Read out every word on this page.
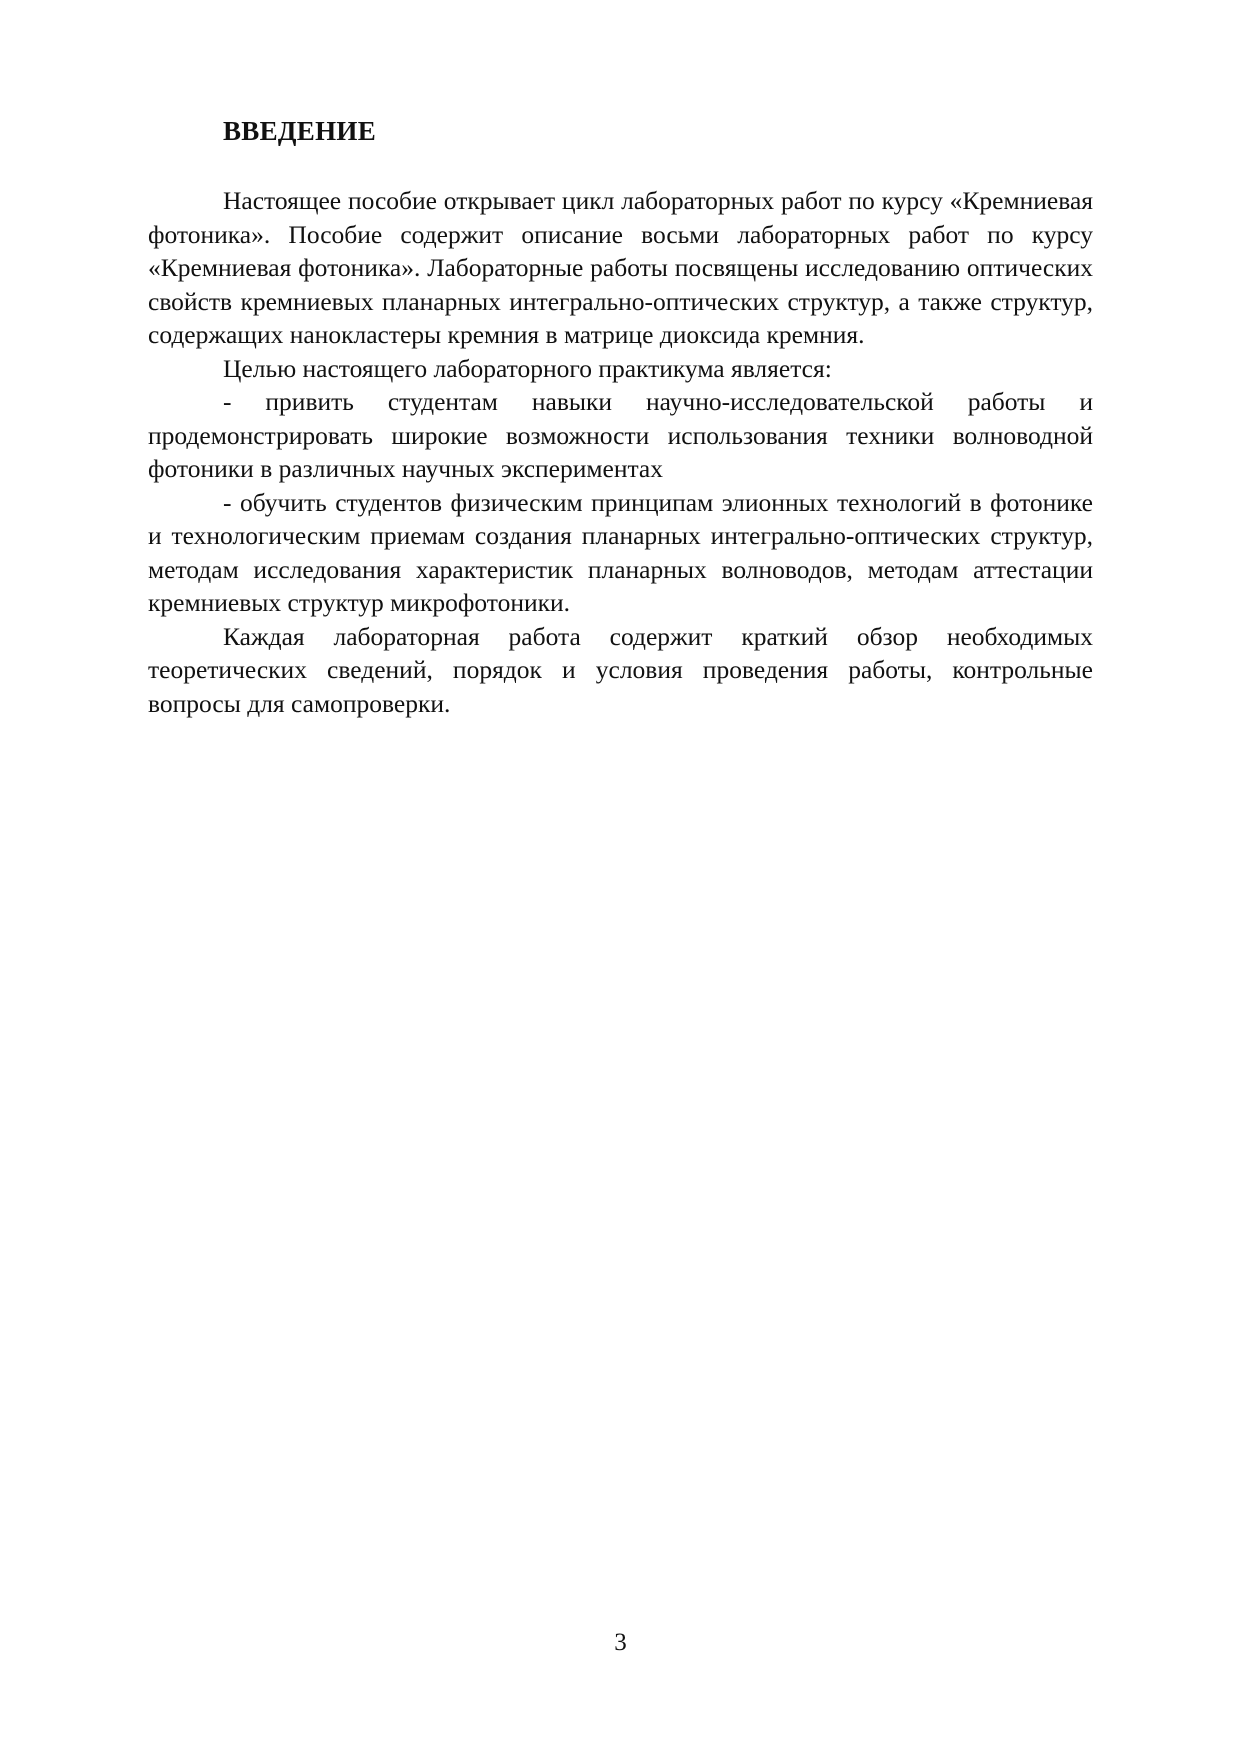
ВВЕДЕНИЕ

Настоящее пособие открывает цикл лабораторных работ по курсу «Кремниевая фотоника». Пособие содержит описание восьми лабораторных работ по курсу «Кремниевая фотоника». Лабораторные работы посвящены исследованию оптических свойств кремниевых планарных интегрально-оптических структур, а также структур, содержащих нанокластеры кремния в матрице диоксида кремния.

Целью настоящего лабораторного практикума является:

- привить студентам навыки научно-исследовательской работы и продемонстрировать широкие возможности использования техники волноводной фотоники в различных научных экспериментах

- обучить студентов физическим принципам элионных технологий в фотонике и технологическим приемам создания планарных интегрально-оптических структур, методам исследования характеристик планарных волноводов, методам аттестации кремниевых структур микрофотоники.

Каждая лабораторная работа содержит краткий обзор необходимых теоретических сведений, порядок и условия проведения работы, контрольные вопросы для самопроверки.

3
